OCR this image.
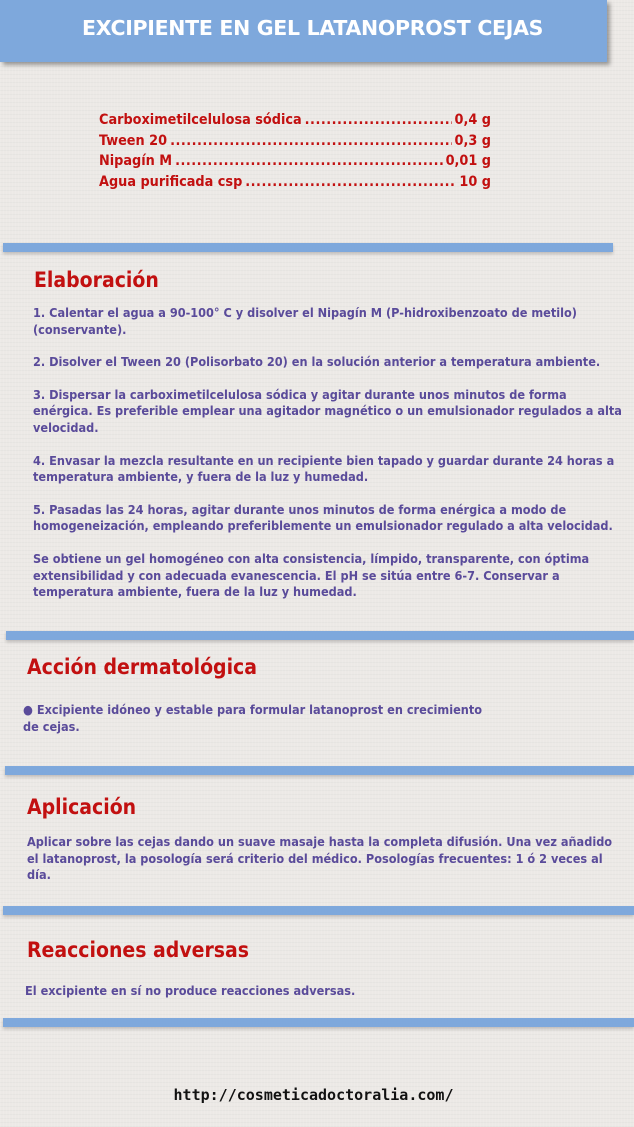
EXCIPIENTE EN GEL LATANOPROST CEJAS
Carboximetilcelulosa sódica .....	0,4 g
Tween 20 .....	0,3 g
Nipagín M .....	0,01 g
Agua purificada csp .....	10 g
Elaboración

1. Calentar el agua a 90-100° C y disolver el Nipagín M (P-hidroxibenzoato de metilo) (conservante).

2. Disolver el Tween 20 (Polisorbato 20) en la solución anterior a temperatura ambiente.

3. Dispersar la carboximetilcelulosa sódica y agitar durante unos minutos de forma enérgica. Es preferible emplear una agitador magnético o un emulsionador regulados a alta velocidad.

4. Envasar la mezcla resultante en un recipiente bien tapado y guardar durante 24 horas a temperatura ambiente, y fuera de la luz y humedad.

5. Pasadas las 24 horas, agitar durante unos minutos de forma enérgica a modo de homogeneización, empleando preferiblemente un emulsionador regulado a alta velocidad.

Se obtiene un gel homogéneo con alta consistencia, límpido, transparente, con óptima extensibilidad y con adecuada evanescencia. El pH se sitúa entre 6-7. Conservar a temperatura ambiente, fuera de la luz y humedad.

Acción dermatológica
● Excipiente idóneo y estable para formular latanoprost en crecimiento
de cejas.
Aplicación
Aplicar sobre las cejas dando un suave masaje hasta la completa difusión. Una vez añadido el latanoprost, la posología será criterio del médico. Posologías frecuentes: 1 ó 2 veces al día.
Reacciones adversas
El excipiente en sí no produce reacciones adversas.
http://cosmeticadoctoralia.com/
